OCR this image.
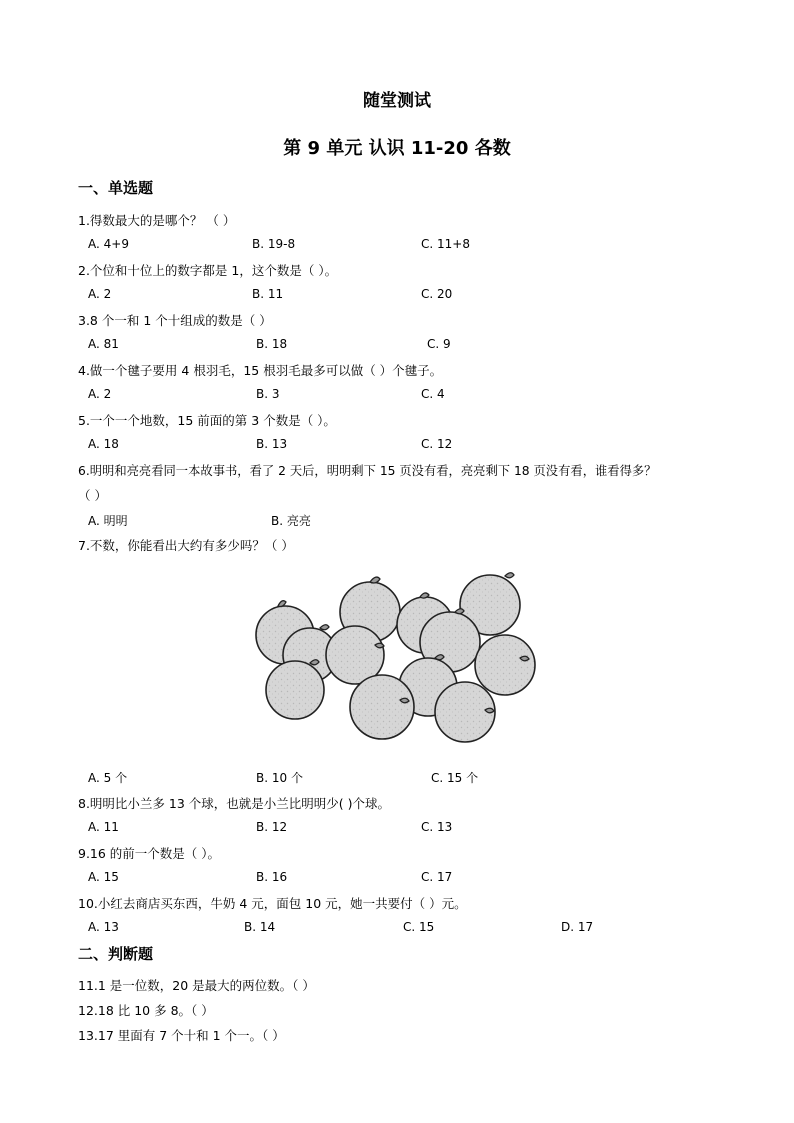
随堂测试
第 9 单元 认识 11-20 各数
一、单选题
1.得数最大的是哪个？ （ ）
A. 4+9	B. 19-8	C. 11+8
2.个位和十位上的数字都是 1，这个数是（ ）。
A. 2	B. 11	C. 20
3.8 个一和 1 个十组成的数是（ ）
A. 81	B. 18	C. 9
4.做一个毽子要用 4 根羽毛，15 根羽毛最多可以做（ ）个毽子。
A. 2	B. 3	C. 4
5.一个一个地数，15 前面的第 3 个数是（ ）。
A. 18	B. 13	C. 12
6.明明和亮亮看同一本故事书，看了 2 天后，明明剩下 15 页没有看，亮亮剩下 18 页没有看，谁看得多？
（ ）
A. 明明	B. 亮亮
7.不数，你能看出大约有多少吗？（ ）
A. 5 个	B. 10 个	C. 15 个
8.明明比小兰多 13 个球，也就是小兰比明明少( )个球。
A. 11	B. 12	C. 13
9.16 的前一个数是（ ）。
A. 15	B. 16	C. 17
10.小红去商店买东西，牛奶 4 元，面包 10 元，她一共要付（ ）元。
A. 13	B. 14	C. 15	D. 17
二、判断题
11.1 是一位数，20 是最大的两位数。（ ）
12.18 比 10 多 8。（ ）
13.17 里面有 7 个十和 1 个一。（ ）
